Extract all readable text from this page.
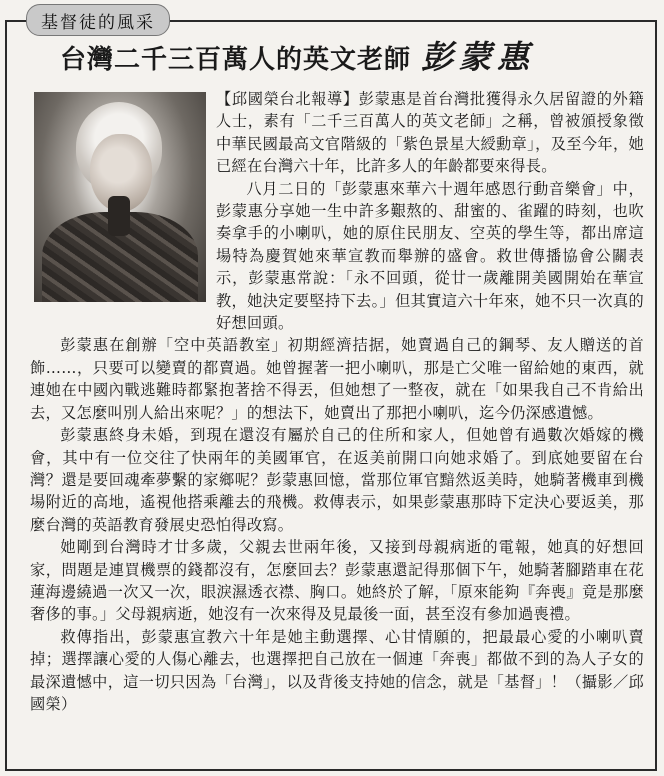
基督徒的風采
台灣二千三百萬人的英文老師 彭蒙惠

【邱國榮台北報導】彭蒙惠是首台灣批獲得永久居留證的外籍人士，素有「二千三百萬人的英文老師」之稱，曾被頒授象徵中華民國最高文官階級的「紫色景星大綬勳章」，及至今年，她已經在台灣六十年，比許多人的年齡都要來得長。

八月二日的「彭蒙惠來華六十週年感恩行動音樂會」中，彭蒙惠分享她一生中許多艱熬的、甜蜜的、雀躍的時刻，也吹奏拿手的小喇叭，她的原住民朋友、空英的學生等，都出席這場特為慶賀她來華宣教而舉辦的盛會。救世傳播協會公關表示，彭蒙惠常說：「永不回頭，從廿一歲離開美國開始在華宣教，她決定要堅持下去。」但其實這六十年來，她不只一次真的好想回頭。

彭蒙惠在創辦「空中英語教室」初期經濟拮据，她賣過自己的鋼琴、友人贈送的首飾……，只要可以變賣的都賣過。她曾握著一把小喇叭，那是亡父唯一留給她的東西，就連她在中國內戰逃難時都緊抱著捨不得丟，但她想了一整夜，就在「如果我自己不肯給出去，又怎麼叫別人給出來呢？」的想法下，她賣出了那把小喇叭，迄今仍深感遺憾。

彭蒙惠終身未婚，到現在還沒有屬於自己的住所和家人，但她曾有過數次婚嫁的機會，其中有一位交往了快兩年的美國軍官，在返美前開口向她求婚了。到底她要留在台灣？還是要回魂牽夢繫的家鄉呢？彭蒙惠回憶，當那位軍官黯然返美時，她騎著機車到機場附近的高地，遙視他搭乘離去的飛機。救傳表示，如果彭蒙惠那時下定決心要返美，那麼台灣的英語教育發展史恐怕得改寫。

她剛到台灣時才廿多歲，父親去世兩年後，又接到母親病逝的電報，她真的好想回家，問題是連買機票的錢都沒有，怎麼回去？彭蒙惠還記得那個下午，她騎著腳踏車在花蓮海邊繞過一次又一次，眼淚濕透衣襟、胸口。她終於了解，「原來能夠『奔喪』竟是那麼奢侈的事。」父母親病逝，她沒有一次來得及見最後一面，甚至沒有參加過喪禮。

救傳指出，彭蒙惠宣教六十年是她主動選擇、心甘情願的，把最最心愛的小喇叭賣掉；選擇讓心愛的人傷心離去，也選擇把自己放在一個連「奔喪」都做不到的為人子女的最深遺憾中，這一切只因為「台灣」，以及背後支持她的信念，就是「基督」！（攝影／邱國榮）
